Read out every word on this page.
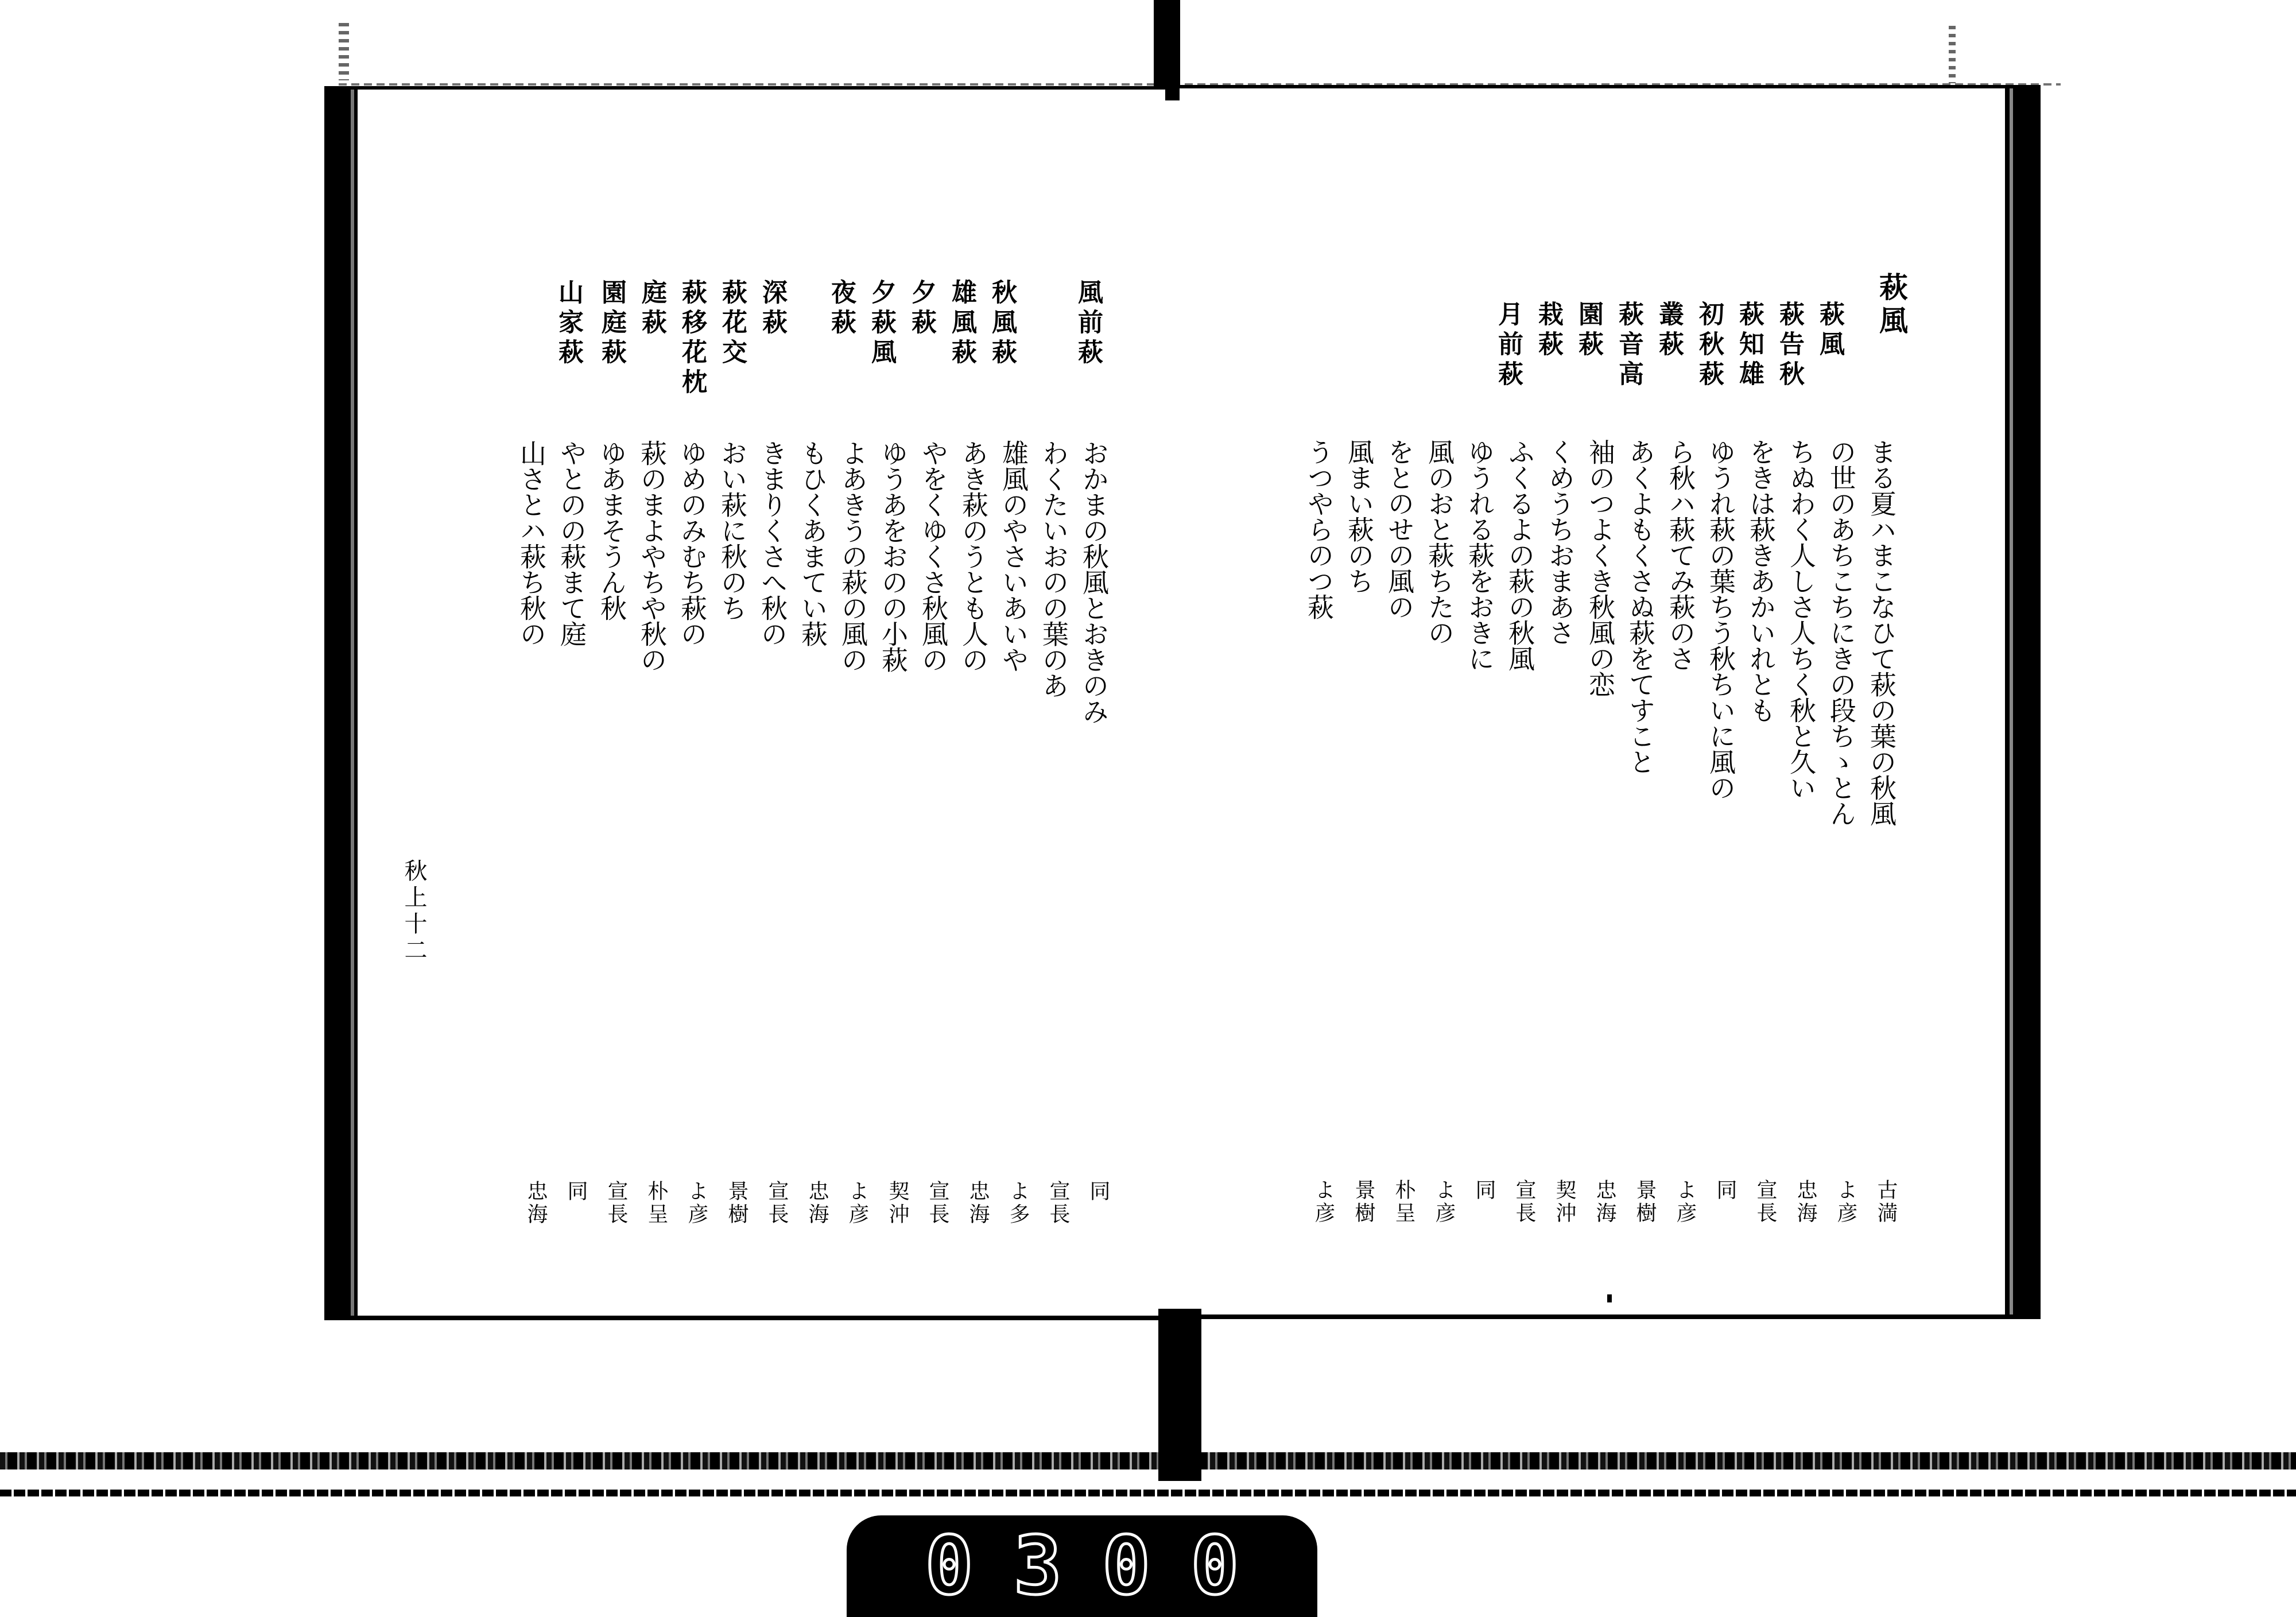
風前萩
秋風萩
雄風萩
夕萩
夕萩風
夜萩
深萩
萩花交
萩移花枕
庭萩
園庭萩
山家萩
おかまの秋風とおきのみ
わくたいおのの葉のあ
雄風のやさいあいや
あき萩のうとも人の
やをくゆくさ秋風の
ゆうあをおのの小萩
よあきうの萩の風の
もひくあまてい萩
きまりくさへ秋の
おい萩に秋のち
ゆめのみむち萩の
萩のまよやちや秋の
ゆあまそうん秋
やとのの萩まて庭
山さとハ萩ち秋の
同
宣長
よ多
忠海
宣長
契沖
よ彦
忠海
宣長
景樹
よ彦
朴呈
宣長
同
忠海
秋上十二
萩風
萩風
萩告秋
萩知雄
初秋萩
叢萩
萩音高
園萩
栽萩
月前萩
まる夏ハまこなひて萩の葉の秋風
の世のあちこちにきの段ちゝとん
ちぬわく人しさ人ちく秋と久い
をきは萩きあかいれとも
ゆうれ萩の葉ちう秋ちいに風の
ら秋ハ萩てみ萩のさ
あくよもくさぬ萩をてすこと
袖のつよくき秋風の恋
くめうちおまあさ
ふくるよの萩の秋風
ゆうれる萩をおきに
風のおと萩ちたの
をとのせの風の
風まい萩のち
うつやらのつ萩
古満
よ彦
忠海
宣長
同
よ彦
景樹
忠海
契沖
宣長
同
よ彦
朴呈
景樹
よ彦
0300
